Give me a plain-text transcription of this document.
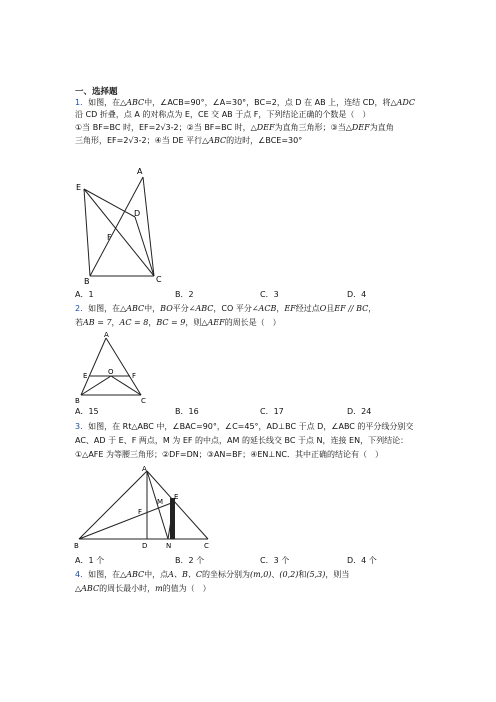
一、选择题
1．如图，在△ABC中，∠ACB=90°，∠A=30°，BC=2，点 D 在 AB 上，连结 CD，将△ADC
沿 CD 折叠，点 A 的对称点为 E，CE 交 AB 于点 F，下列结论正确的个数是（　）
①当 BF=BC 时，EF=2√3-2；②当 BF=BC 时，△DEF为直角三角形；③当△DEF为直角
三角形，EF=2√3-2；④当 DE 平行△ABC的边时，∠BCE=30°
A
B	C
D
E
F
A．1	B．2	C．3	D．4
2．如图，在△ABC中，BO平分∠ABC，CO 平分∠ACB，EF经过点O且EF // BC，
若AB = 7，AC = 8，BC = 9，则△AEF的周长是（　）
A
B	C
E	F
O
A．15	B．16	C．17	D．24
3．如图，在 Rt△ABC 中，∠BAC=90°，∠C=45°，AD⊥BC 于点 D，∠ABC 的平分线分别交
AC、AD 于 E、F 两点，M 为 EF 的中点，AM 的延长线交 BC 于点 N，连接 EN，下列结论：
①△AFE 为等腰三角形；②DF=DN；③AN=BF；④EN⊥NC．其中正确的结论有（　）
A
B	C
D
E
F
M
N
A．1 个	B．2 个	C．3 个	D．4 个
4．如图，在△ABC中，点A、B、C的坐标分别为(m,0)、(0,2)和(5,3)，则当
△ABC的周长最小时，m的值为（　）
